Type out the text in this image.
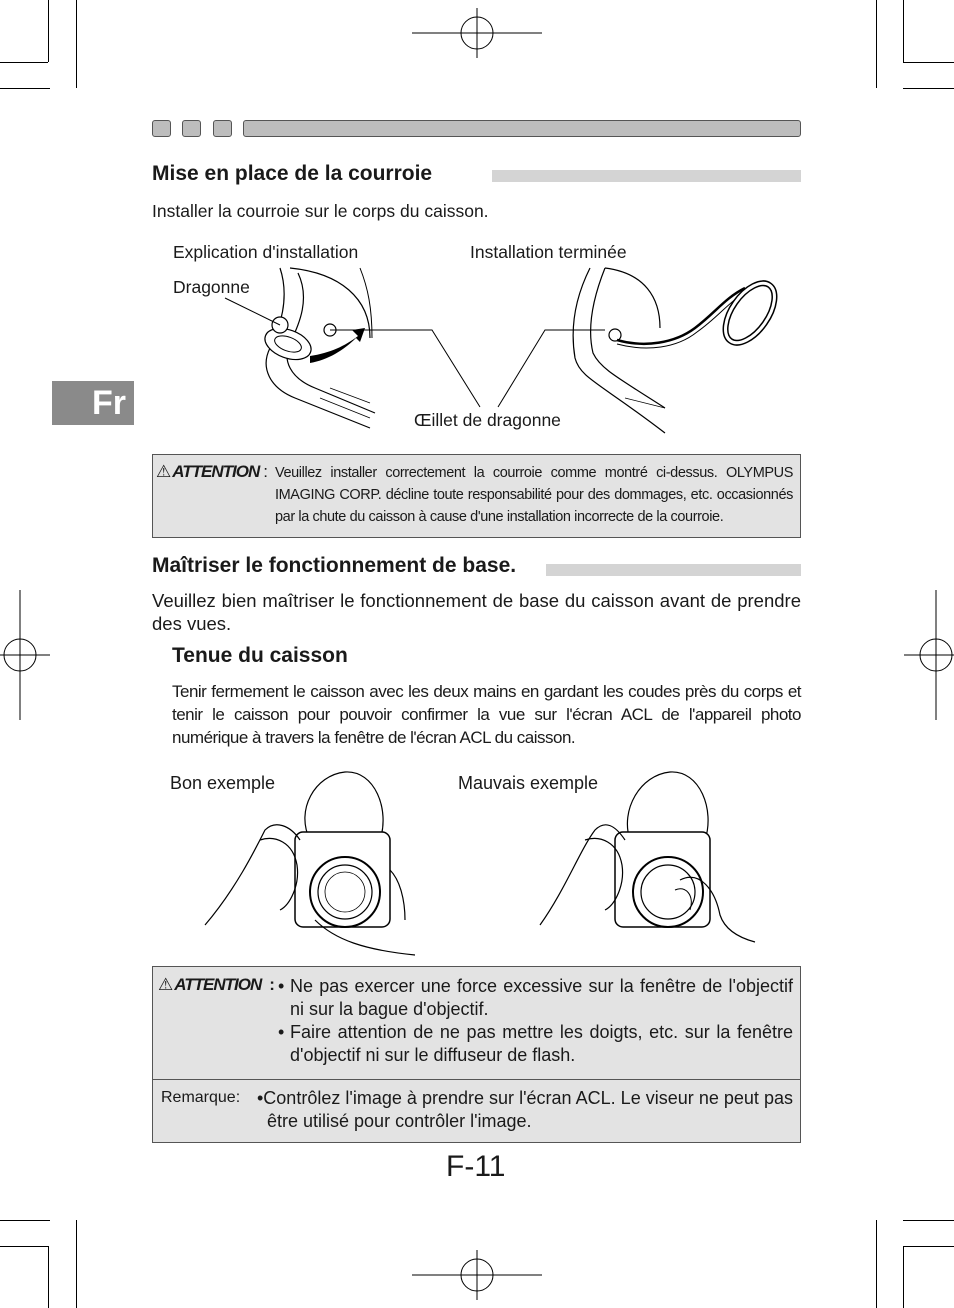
Fr
Mise en place de la courroie
Installer la courroie sur le corps du caisson.
Explication d'installation	Installation terminée
Dragonne
Œillet de dragonne
⚠ ATTENTION : Veuillez installer correctement la courroie comme montré ci-dessus. OLYMPUS IMAGING CORP. décline toute responsabilité pour des dommages, etc. occasionnés par la chute du caisson à cause d'une installation incorrecte de la courroie.
Maîtriser le fonctionnement de base.
Veuillez bien maîtriser le fonctionnement de base du caisson avant de prendre des vues.
Tenue du caisson
Tenir fermement le caisson avec les deux mains en gardant les coudes près du corps et tenir le caisson pour pouvoir confirmer la vue sur l'écran ACL de l'appareil photo numérique à travers la fenêtre de l'écran ACL du caisson.
Bon exemple	Mauvais exemple
⚠ ATTENTION : • Ne pas exercer une force excessive sur la fenêtre de l'objectif ni sur la bague d'objectif.
• Faire attention de ne pas mettre les doigts, etc. sur la fenêtre d'objectif ni sur le diffuseur de flash.
Remarque: •Contrôlez l'image à prendre sur l'écran ACL. Le viseur ne peut pas être utilisé pour contrôler l'image.
F-11
